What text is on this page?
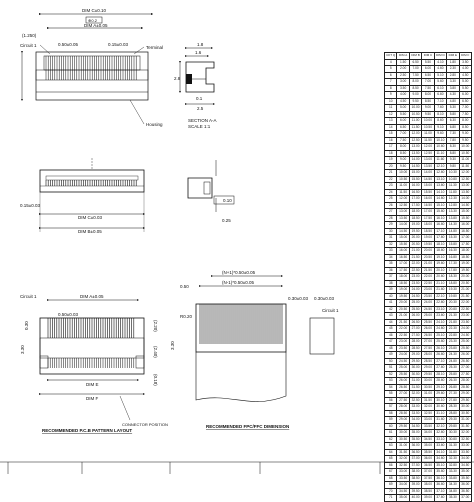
DIM C±0.10
⊕0.2
DIM A±0.05
(1.250)
0.50±0.05	0.15±0.03
Circuit 1	Terminal
Housing
1.8
1.6
2.8
0.1
2.5
SECTION A-A
SCALE 1:1
0.15±0.03
DIM C±0.03
DIM B±0.05
0.10
0.25
DIM A±0.05
Circuit 1
0.50±0.03
0.30
3.30
(2.20)
(2.40)
(0.18)
DIM E
DIM F
CONNECTOR POSITION
RECOMMENDED P.C.B PATTERN LAYOUT
(N+1)*0.50±0.05
(N-1)*0.50±0.05
0.50
R0.20
0.30±0.03 0.30±0.03
3.30
Circuit 1
RECOMMENDED FPC/FFC DIMENSION
CKT Q	DIM A	DIM B	DIM C	DIM D	DIM E	DIM F
4	1.50	6.50	5.50	4.10	1.80	3.50
5	2.00	7.00	6.00	4.60	2.30	4.00
6	2.50	7.50	6.50	5.10	2.80	4.50
7	3.00	8.00	7.00	5.60	3.30	5.00
8	3.50	8.50	7.50	6.10	3.80	5.50
9	4.00	9.00	8.00	6.60	4.30	6.00
10	4.50	9.50	8.50	7.10	4.80	6.50
11	5.00	10.00	9.00	7.60	5.30	7.00
12	5.50	10.50	9.50	8.10	5.80	7.50
13	6.00	11.00	10.00	8.60	6.30	8.00
14	6.50	11.50	10.50	9.10	6.80	8.50
15	7.00	12.00	11.00	9.60	7.30	9.00
16	7.50	12.50	11.50	10.10	7.80	9.50
17	8.00	13.00	12.00	10.60	8.30	10.00
18	8.50	13.50	12.50	11.10	8.80	10.50
19	9.00	14.00	13.00	11.60	9.30	11.00
20	9.50	14.50	13.50	12.10	9.80	11.50
21	10.00	15.00	14.00	12.60	10.30	12.00
22	10.50	15.50	14.50	13.10	10.80	12.50
23	11.00	16.00	15.00	13.60	11.30	13.00
24	11.50	16.50	15.50	14.10	11.80	13.50
25	12.00	17.00	16.00	14.60	12.30	14.00
26	12.50	17.50	16.50	15.10	12.80	14.50
27	13.00	18.00	17.00	15.60	13.30	15.00
28	13.50	18.50	17.50	16.10	13.80	15.50
29	14.00	19.00	18.00	16.60	14.30	16.00
30	14.50	19.50	18.50	17.10	14.80	16.50
31	15.00	20.00	19.00	17.60	15.30	17.00
32	15.50	20.50	19.50	18.10	15.80	17.50
33	16.00	21.00	20.00	18.60	16.30	18.00
34	16.50	21.50	20.50	19.10	16.80	18.50
35	17.00	22.00	21.00	19.60	17.30	19.00
36	17.50	22.50	21.50	20.10	17.80	19.50
37	18.00	23.00	22.00	20.60	18.30	20.00
38	18.50	23.50	22.50	21.10	18.80	20.50
39	19.00	24.00	23.00	21.60	19.30	21.00
40	19.50	24.50	23.50	22.10	19.80	21.50
41	20.00	25.00	24.00	22.60	20.30	22.00
42	20.50	25.50	24.50	23.10	20.80	22.50
43	21.00	26.00	25.00	23.60	21.30	23.00
44	21.50	26.50	25.50	24.10	21.80	23.50
45	22.00	27.00	26.00	24.60	22.30	24.00
46	22.50	27.50	26.50	25.10	22.80	24.50
47	23.00	28.00	27.00	25.60	23.30	25.00
48	23.50	28.50	27.50	26.10	23.80	25.50
49	24.00	29.00	28.00	26.60	24.30	26.00
50	24.50	29.50	28.50	27.10	24.80	26.50
51	25.00	30.00	29.00	27.60	25.30	27.00
52	25.50	30.50	29.50	28.10	25.80	27.50
53	26.00	31.00	30.00	28.60	26.30	28.00
54	26.50	31.50	30.50	29.10	26.80	28.50
55	27.00	32.00	31.00	29.60	27.30	29.00
56	27.50	32.50	31.50	30.10	27.80	29.50
57	28.00	33.00	32.00	30.60	28.30	30.00
58	28.50	33.50	32.50	31.10	28.80	30.50
59	29.00	34.00	33.00	31.60	29.30	31.00
60	29.50	34.50	33.50	32.10	29.80	31.50
61	30.00	35.00	34.00	32.60	30.30	32.00
62	30.50	35.50	34.50	33.10	30.80	32.50
63	31.00	36.00	35.00	33.60	31.30	33.00
64	31.50	36.50	35.50	34.10	31.80	33.50
65	32.00	37.00	36.00	34.60	32.30	34.00
66	32.50	37.50	36.50	35.10	32.80	34.50
67	33.00	38.00	37.00	35.60	33.30	35.00
68	33.50	38.50	37.50	36.10	33.80	35.50
69	34.00	39.00	38.00	36.60	34.30	36.00
70	34.50	39.50	38.50	37.10	34.80	36.50
71	35.00	40.00	39.00	37.60	35.30	37.00
